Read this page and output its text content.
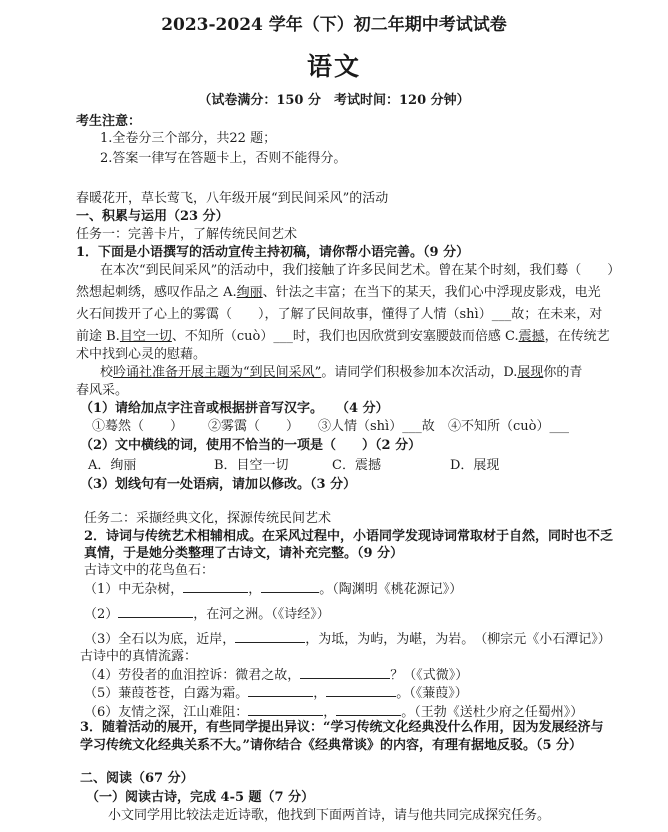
2023-2024 学年（下）初二年期中考试试卷
语文
（试卷满分：150 分　考试时间：120 分钟）
考生注意：
1.全卷分三个部分，共22 题；
2.答案一律写在答题卡上，否则不能得分。
春暖花开，草长莺飞，八年级开展“到民间采风”的活动
一、积累与运用（23 分）
任务一：完善卡片，了解传统民间艺术
1．下面是小语撰写的活动宣传主持初稿，请你帮小语完善。（9 分）
在本次“到民间采风”的活动中，我们接触了许多民间艺术。曾在某个时刻，我们蓦（　　）
然想起刺绣，感叹作品之 A.绚丽、针法之丰富；在当下的某天，我们心中浮现皮影戏，电光
火石间拨开了心上的雾霭（　　），了解了民间故事，懂得了人情（shì）___故；在未来，对
前途 B.目空一切、不知所（cuò）___时，我们也因欣赏到安塞腰鼓而倍感 C.震撼，在传统艺
术中找到心灵的慰藉。
校吟诵社准备开展主题为“到民间采风”。请同学们积极参加本次活动，D.展现你的青
春风采。
（1）请给加点字注音或根据拼音写汉字。　　（4 分）
①蓦然（　　） ②雾霭（　　） ③人情（shì）___故 ④不知所（cuò）___
（2）文中横线的词，使用不恰当的一项是（　　）（2 分）
A．绚丽	B．目空一切	C．震撼	D．展现
（3）划线句有一处语病，请加以修改。（3 分）
任务二：采撷经典文化，探源传统民间艺术
2．诗词与传统艺术相辅相成。在采风过程中，小语同学发现诗词常取材于自然，同时也不乏
真情，于是她分类整理了古诗文，请补充完整。（9 分）
古诗文中的花鸟鱼石：
（1）中无杂树，	，	。（陶渊明《桃花源记》）
（2）	，在河之洲。（《诗经》）
（3）全石以为底，近岸，	，为坻，为屿，为嵁，为岩。　（柳宗元《小石潭记》）
古诗中的真情流露：
（4）劳役者的血泪控诉：微君之故，	？（《式微》）
（5）蒹葭苍苍，白露为霜。	，	。（《蒹葭》）
（6）友情之深，江山难阻：	，	。（王勃《送杜少府之任蜀州》）
3．随着活动的展开，有些同学提出异议：“学习传统文化经典没什么作用，因为发展经济与
学习传统文化经典关系不大。”请你结合《经典常谈》的内容，有理有据地反驳。（5 分）
二、阅读（67 分）
（一）阅读古诗，完成 4-5 题（7 分）
小文同学用比较法走近诗歌，他找到下面两首诗，请与他共同完成探究任务。
